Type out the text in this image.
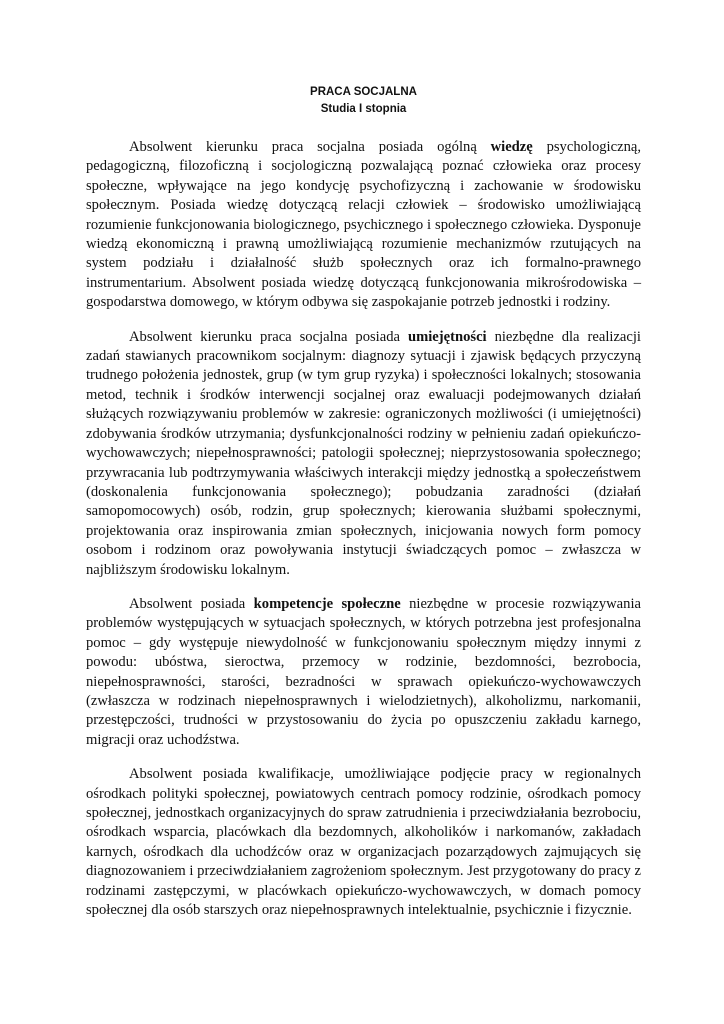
PRACA SOCJALNA
Studia I stopnia

Absolwent kierunku praca socjalna posiada ogólną wiedzę psychologiczną, pedagogiczną, filozoficzną i socjologiczną pozwalającą poznać człowieka oraz procesy społeczne, wpływające na jego kondycję psychofizyczną i zachowanie w środowisku społecznym. Posiada wiedzę dotyczącą relacji człowiek – środowisko umożliwiającą rozumienie funkcjonowania biologicznego, psychicznego i społecznego człowieka. Dysponuje wiedzą ekonomiczną i prawną umożliwiającą rozumienie mechanizmów rzutujących na system podziału i działalność służb społecznych oraz ich formalno-prawnego instrumentarium. Absolwent posiada wiedzę dotyczącą funkcjonowania mikrośrodowiska – gospodarstwa domowego, w którym odbywa się zaspokajanie potrzeb jednostki i rodziny.

Absolwent kierunku praca socjalna posiada umiejętności niezbędne dla realizacji zadań stawianych pracownikom socjalnym: diagnozy sytuacji i zjawisk będących przyczyną trudnego położenia jednostek, grup (w tym grup ryzyka) i społeczności lokalnych; stosowania metod, technik i środków interwencji socjalnej oraz ewaluacji podejmowanych działań służących rozwiązywaniu problemów w zakresie: ograniczonych możliwości (i umiejętności) zdobywania środków utrzymania; dysfunkcjonalności rodziny w pełnieniu zadań opiekuńczo-wychowawczych; niepełnosprawności; patologii społecznej; nieprzystosowania społecznego; przywracania lub podtrzymywania właściwych interakcji między jednostką a społeczeństwem (doskonalenia funkcjonowania społecznego); pobudzania zaradności (działań samopomocowych) osób, rodzin, grup społecznych; kierowania służbami społecznymi, projektowania oraz inspirowania zmian społecznych, inicjowania nowych form pomocy osobom i rodzinom oraz powoływania instytucji świadczących pomoc – zwłaszcza w najbliższym środowisku lokalnym.

Absolwent posiada kompetencje społeczne niezbędne w procesie rozwiązywania problemów występujących w sytuacjach społecznych, w których potrzebna jest profesjonalna pomoc – gdy występuje niewydolność w funkcjonowaniu społecznym między innymi z powodu: ubóstwa, sieroctwa, przemocy w rodzinie, bezdomności, bezrobocia, niepełnosprawności, starości, bezradności w sprawach opiekuńczo-wychowawczych (zwłaszcza w rodzinach niepełnosprawnych i wielodzietnych), alkoholizmu, narkomanii, przestępczości, trudności w przystosowaniu do życia po opuszczeniu zakładu karnego, migracji oraz uchodźstwa.

Absolwent posiada kwalifikacje, umożliwiające podjęcie pracy w regionalnych ośrodkach polityki społecznej, powiatowych centrach pomocy rodzinie, ośrodkach pomocy społecznej, jednostkach organizacyjnych do spraw zatrudnienia i przeciwdziałania bezrobociu, ośrodkach wsparcia, placówkach dla bezdomnych, alkoholików i narkomanów, zakładach karnych, ośrodkach dla uchodźców oraz w organizacjach pozarządowych zajmujących się diagnozowaniem i przeciwdziałaniem zagrożeniom społecznym. Jest przygotowany do pracy z rodzinami zastępczymi, w placówkach opiekuńczo-wychowawczych, w domach pomocy społecznej dla osób starszych oraz niepełnosprawnych intelektualnie, psychicznie i fizycznie.
